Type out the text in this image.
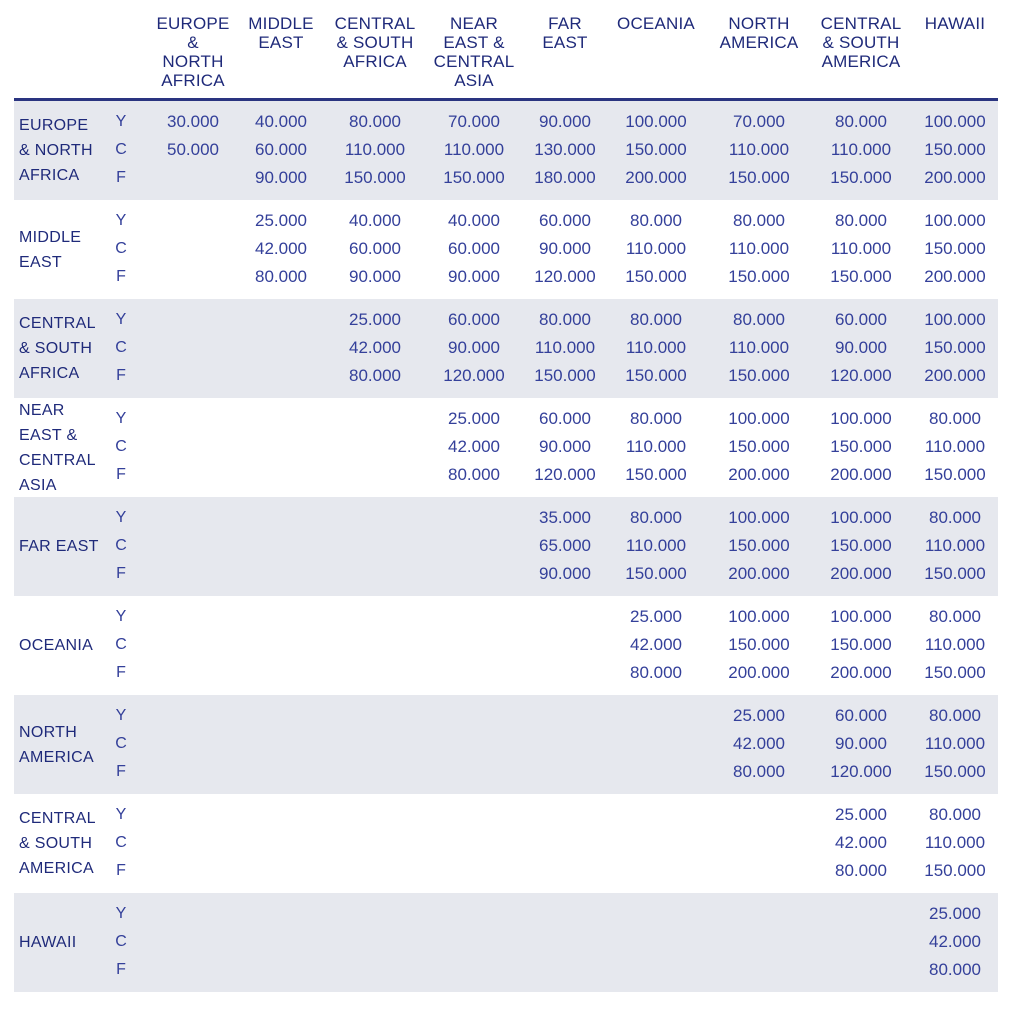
EUROPE
&
NORTH
AFRICA
MIDDLE
EAST
CENTRAL
& SOUTH
AFRICA
NEAR
EAST &
CENTRAL
ASIA
FAR
EAST
OCEANIA	NORTH
AMERICA
CENTRAL
& SOUTH
AMERICA
HAWAII
EUROPE
& NORTH
AFRICA
Y
C
F
30.000
50.000
40.000
60.000
90.000
80.000
110.000
150.000
70.000
110.000
150.000
90.000
130.000
180.000
100.000
150.000
200.000
70.000
110.000
150.000
80.000
110.000
150.000
100.000
150.000
200.000
MIDDLE
EAST
Y
C
F
25.000
42.000
80.000
40.000
60.000
90.000
40.000
60.000
90.000
60.000
90.000
120.000
80.000
110.000
150.000
80.000
110.000
150.000
80.000
110.000
150.000
100.000
150.000
200.000
CENTRAL
& SOUTH
AFRICA
Y
C
F
25.000
42.000
80.000
60.000
90.000
120.000
80.000
110.000
150.000
80.000
110.000
150.000
80.000
110.000
150.000
60.000
90.000
120.000
100.000
150.000
200.000
NEAR
EAST &
CENTRAL
ASIA
Y
C
F
25.000
42.000
80.000
60.000
90.000
120.000
80.000
110.000
150.000
100.000
150.000
200.000
100.000
150.000
200.000
80.000
110.000
150.000
FAR EAST
Y
C
F
35.000
65.000
90.000
80.000
110.000
150.000
100.000
150.000
200.000
100.000
150.000
200.000
80.000
110.000
150.000
OCEANIA
Y
C
F
25.000
42.000
80.000
100.000
150.000
200.000
100.000
150.000
200.000
80.000
110.000
150.000
NORTH
AMERICA
Y
C
F
25.000
42.000
80.000
60.000
90.000
120.000
80.000
110.000
150.000
CENTRAL
& SOUTH
AMERICA
Y
C
F
25.000
42.000
80.000
80.000
110.000
150.000
HAWAII
Y
C
F
25.000
42.000
80.000
